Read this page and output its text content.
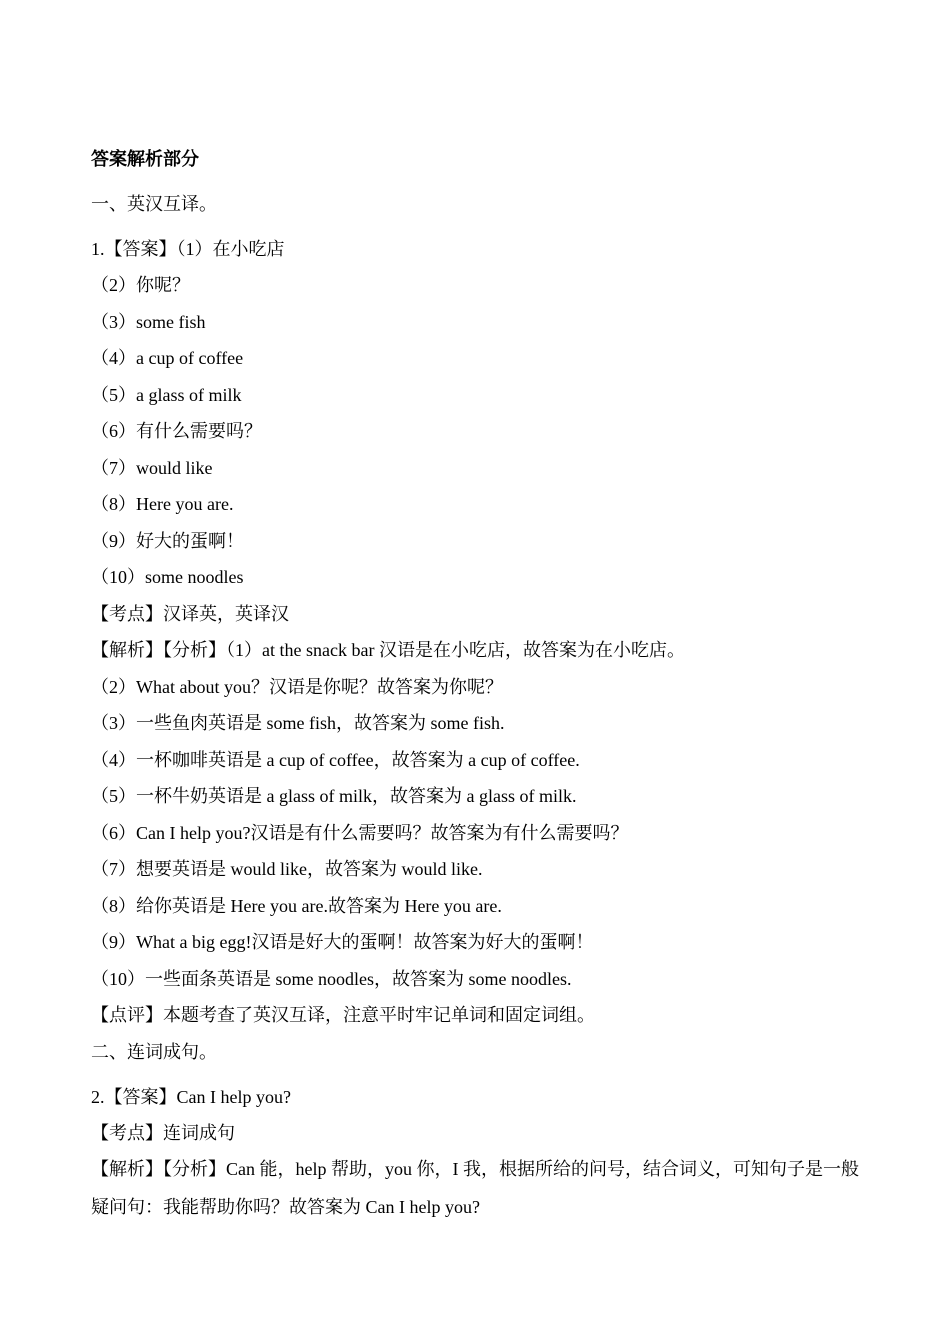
答案解析部分
一、英汉互译。
1.【答案】（1）在小吃店
（2）你呢？
（3）some fish
（4）a cup of coffee
（5）a glass of milk
（6）有什么需要吗？
（7）would like
（8）Here you are.
（9）好大的蛋啊！
（10）some noodles
【考点】汉译英，英译汉
【解析】【分析】（1）at the snack bar 汉语是在小吃店，故答案为在小吃店。
（2）What about you？汉语是你呢？故答案为你呢？
（3）一些鱼肉英语是 some fish，故答案为 some fish.
（4）一杯咖啡英语是 a cup of coffee，故答案为 a cup of coffee.
（5）一杯牛奶英语是 a glass of milk，故答案为 a glass of milk.
（6）Can I help you?汉语是有什么需要吗？故答案为有什么需要吗？
（7）想要英语是 would like，故答案为 would like.
（8）给你英语是 Here you are.故答案为 Here you are.
（9）What a big egg!汉语是好大的蛋啊！故答案为好大的蛋啊！
（10）一些面条英语是 some noodles，故答案为 some noodles.
【点评】本题考查了英汉互译，注意平时牢记单词和固定词组。
二、连词成句。
2.【答案】Can I help you?
【考点】连词成句
【解析】【分析】Can 能，help 帮助，you 你，I 我，根据所给的问号，结合词义，可知句子是一般疑问句：我能帮助你吗？故答案为 Can I help you?
